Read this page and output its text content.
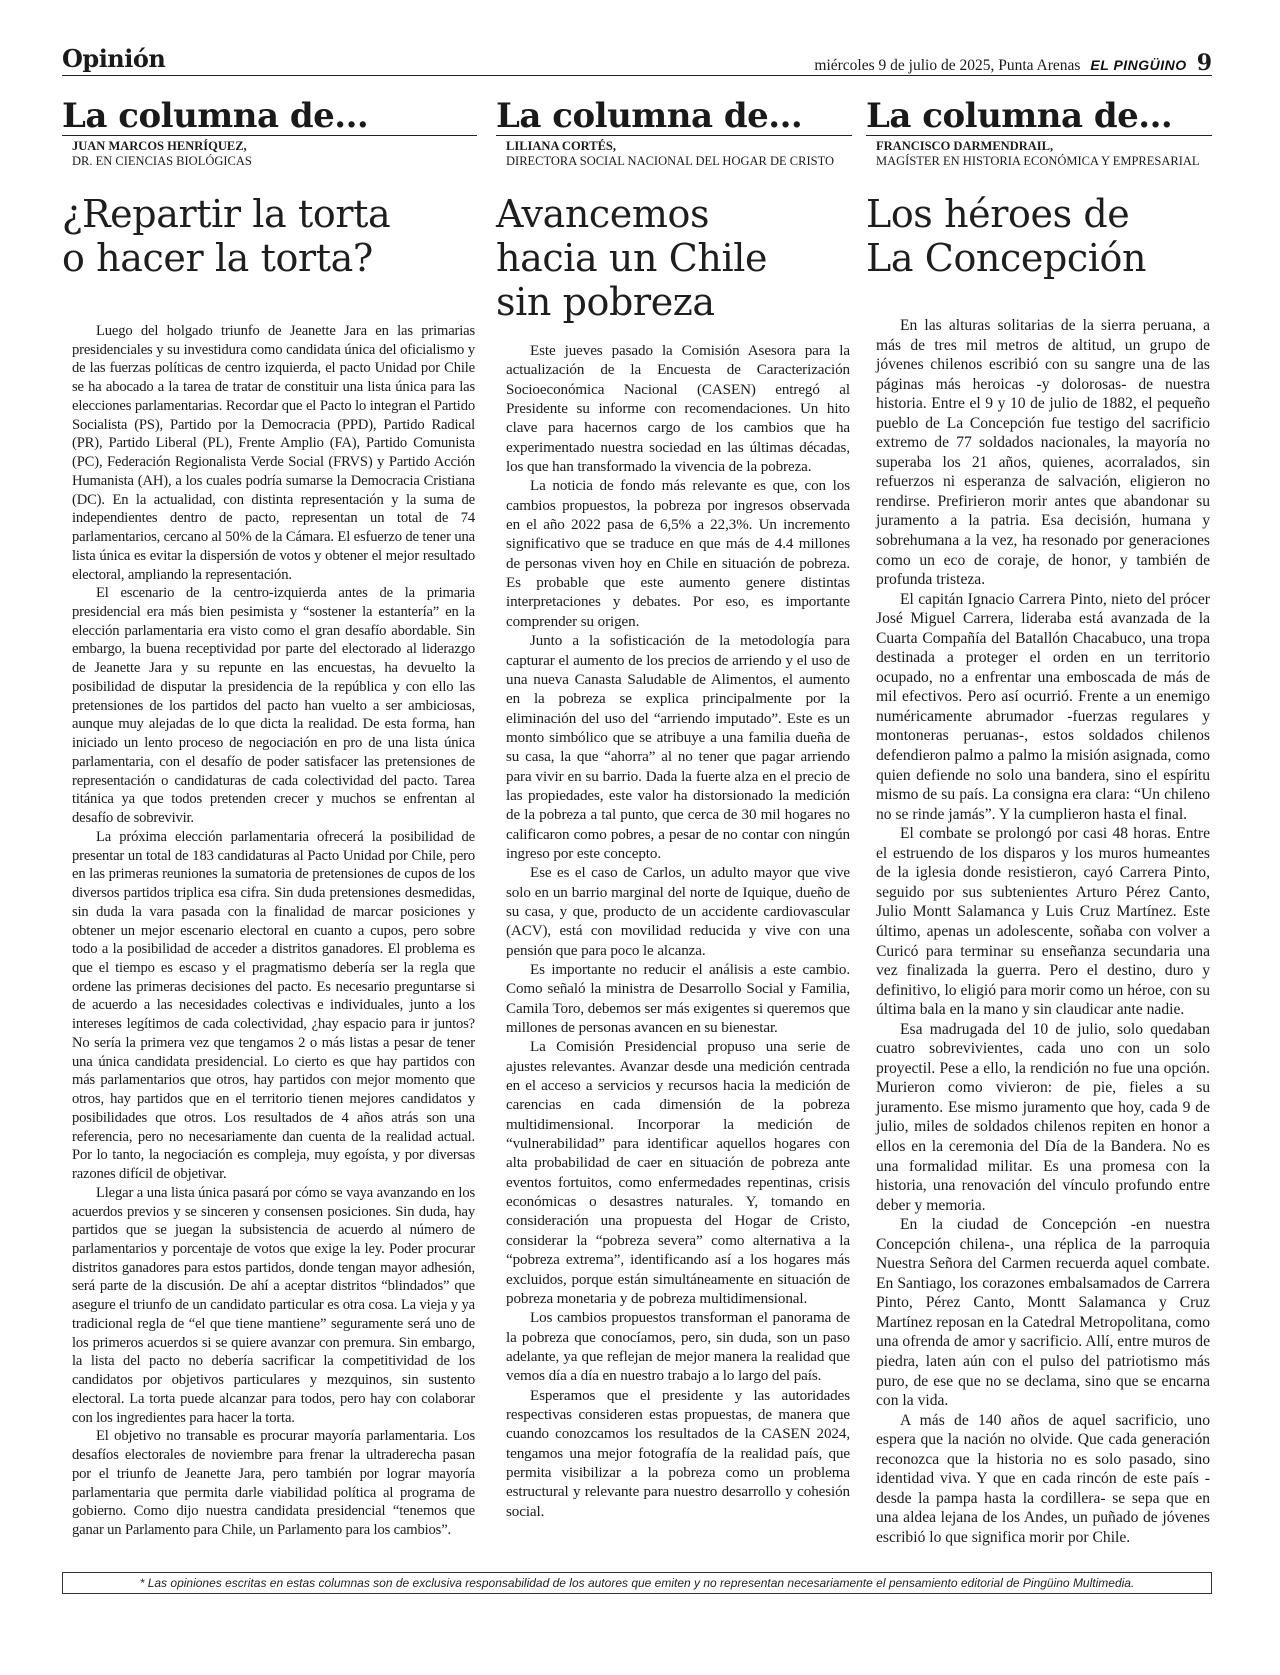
Opinión	miércoles 9 de julio de 2025, Punta Arenas EL PINGÜINO 9
La columna de...
JUAN MARCOS HENRÍQUEZ,
DR. EN CIENCIAS BIOLÓGICAS
¿Repartir la torta
o hacer la torta?

Luego del holgado triunfo de Jeanette Jara en las primarias presidenciales y su investidura como candidata única del oficialismo y de las fuerzas políticas de centro izquierda, el pacto Unidad por Chile se ha abocado a la tarea de tratar de constituir una lista única para las elecciones parlamentarias. Recordar que el Pacto lo integran el Partido Socialista (PS), Partido por la Democracia (PPD), Partido Radical (PR), Partido Liberal (PL), Frente Amplio (FA), Partido Comunista (PC), Federación Regionalista Verde Social (FRVS) y Partido Acción Humanista (AH), a los cuales podría sumarse la Democracia Cristiana (DC). En la actualidad, con distinta representación y la suma de independientes dentro de pacto, representan un total de 74 parlamentarios, cercano al 50% de la Cámara. El esfuerzo de tener una lista única es evitar la dispersión de votos y obtener el mejor resultado electoral, ampliando la representación.

El escenario de la centro-izquierda antes de la primaria presidencial era más bien pesimista y “sostener la estantería” en la elección parlamentaria era visto como el gran desafío abordable. Sin embargo, la buena receptividad por parte del electorado al liderazgo de Jeanette Jara y su repunte en las encuestas, ha devuelto la posibilidad de disputar la presidencia de la república y con ello las pretensiones de los partidos del pacto han vuelto a ser ambiciosas, aunque muy alejadas de lo que dicta la realidad. De esta forma, han iniciado un lento proceso de negociación en pro de una lista única parlamentaria, con el desafío de poder satisfacer las pretensiones de representación o candidaturas de cada colectividad del pacto. Tarea titánica ya que todos pretenden crecer y muchos se enfrentan al desafío de sobrevivir.

La próxima elección parlamentaria ofrecerá la posibilidad de presentar un total de 183 candidaturas al Pacto Unidad por Chile, pero en las primeras reuniones la sumatoria de pretensiones de cupos de los diversos partidos triplica esa cifra. Sin duda pretensiones desmedidas, sin duda la vara pasada con la finalidad de marcar posiciones y obtener un mejor escenario electoral en cuanto a cupos, pero sobre todo a la posibilidad de acceder a distritos ganadores. El problema es que el tiempo es escaso y el pragmatismo debería ser la regla que ordene las primeras decisiones del pacto. Es necesario preguntarse si de acuerdo a las necesidades colectivas e individuales, junto a los intereses legítimos de cada colectividad, ¿hay espacio para ir juntos? No sería la primera vez que tengamos 2 o más listas a pesar de tener una única candidata presidencial. Lo cierto es que hay partidos con más parlamentarios que otros, hay partidos con mejor momento que otros, hay partidos que en el territorio tienen mejores candidatos y posibilidades que otros. Los resultados de 4 años atrás son una referencia, pero no necesariamente dan cuenta de la realidad actual. Por lo tanto, la negociación es compleja, muy egoísta, y por diversas razones difícil de objetivar.

Llegar a una lista única pasará por cómo se vaya avanzando en los acuerdos previos y se sinceren y consensen posiciones. Sin duda, hay partidos que se juegan la subsistencia de acuerdo al número de parlamentarios y porcentaje de votos que exige la ley. Poder procurar distritos ganadores para estos partidos, donde tengan mayor adhesión, será parte de la discusión. De ahí a aceptar distritos “blindados” que asegure el triunfo de un candidato particular es otra cosa. La vieja y ya tradicional regla de “el que tiene mantiene” seguramente será uno de los primeros acuerdos si se quiere avanzar con premura. Sin embargo, la lista del pacto no debería sacrificar la competitividad de los candidatos por objetivos particulares y mezquinos, sin sustento electoral. La torta puede alcanzar para todos, pero hay con colaborar con los ingredientes para hacer la torta.

El objetivo no transable es procurar mayoría parlamentaria. Los desafíos electorales de noviembre para frenar la ultraderecha pasan por el triunfo de Jeanette Jara, pero también por lograr mayoría parlamentaria que permita darle viabilidad política al programa de gobierno. Como dijo nuestra candidata presidencial “tenemos que ganar un Parlamento para Chile, un Parlamento para los cambios”.

La columna de...
LILIANA CORTÉS,
DIRECTORA SOCIAL NACIONAL DEL HOGAR DE CRISTO
Avancemos
hacia un Chile
sin pobreza

Este jueves pasado la Comisión Asesora para la actualización de la Encuesta de Caracterización Socioeconómica Nacional (CASEN) entregó al Presidente su informe con recomendaciones. Un hito clave para hacernos cargo de los cambios que ha experimentado nuestra sociedad en las últimas décadas, los que han transformado la vivencia de la pobreza.

La noticia de fondo más relevante es que, con los cambios propuestos, la pobreza por ingresos observada en el año 2022 pasa de 6,5% a 22,3%. Un incremento significativo que se traduce en que más de 4.4 millones de personas viven hoy en Chile en situación de pobreza. Es probable que este aumento genere distintas interpretaciones y debates. Por eso, es importante comprender su origen.

Junto a la sofisticación de la metodología para capturar el aumento de los precios de arriendo y el uso de una nueva Canasta Saludable de Alimentos, el aumento en la pobreza se explica principalmente por la eliminación del uso del “arriendo imputado”. Este es un monto simbólico que se atribuye a una familia dueña de su casa, la que “ahorra” al no tener que pagar arriendo para vivir en su barrio. Dada la fuerte alza en el precio de las propiedades, este valor ha distorsionado la medición de la pobreza a tal punto, que cerca de 30 mil hogares no calificaron como pobres, a pesar de no contar con ningún ingreso por este concepto.

Ese es el caso de Carlos, un adulto mayor que vive solo en un barrio marginal del norte de Iquique, dueño de su casa, y que, producto de un accidente cardiovascular (ACV), está con movilidad reducida y vive con una pensión que para poco le alcanza.

Es importante no reducir el análisis a este cambio. Como señaló la ministra de Desarrollo Social y Familia, Camila Toro, debemos ser más exigentes si queremos que millones de personas avancen en su bienestar.

La Comisión Presidencial propuso una serie de ajustes relevantes. Avanzar desde una medición centrada en el acceso a servicios y recursos hacia la medición de carencias en cada dimensión de la pobreza multidimensional. Incorporar la medición de “vulnerabilidad” para identificar aquellos hogares con alta probabilidad de caer en situación de pobreza ante eventos fortuitos, como enfermedades repentinas, crisis económicas o desastres naturales. Y, tomando en consideración una propuesta del Hogar de Cristo, considerar la “pobreza severa” como alternativa a la “pobreza extrema”, identificando así a los hogares más excluidos, porque están simultáneamente en situación de pobreza monetaria y de pobreza multidimensional.

Los cambios propuestos transforman el panorama de la pobreza que conocíamos, pero, sin duda, son un paso adelante, ya que reflejan de mejor manera la realidad que vemos día a día en nuestro trabajo a lo largo del país.

Esperamos que el presidente y las autoridades respectivas consideren estas propuestas, de manera que cuando conozcamos los resultados de la CASEN 2024, tengamos una mejor fotografía de la realidad país, que permita visibilizar a la pobreza como un problema estructural y relevante para nuestro desarrollo y cohesión social.

La columna de...
FRANCISCO DARMENDRAIL,
MAGÍSTER EN HISTORIA ECONÓMICA Y EMPRESARIAL
Los héroes de
La Concepción

En las alturas solitarias de la sierra peruana, a más de tres mil metros de altitud, un grupo de jóvenes chilenos escribió con su sangre una de las páginas más heroicas -y dolorosas- de nuestra historia. Entre el 9 y 10 de julio de 1882, el pequeño pueblo de La Concepción fue testigo del sacrificio extremo de 77 soldados nacionales, la mayoría no superaba los 21 años, quienes, acorralados, sin refuerzos ni esperanza de salvación, eligieron no rendirse. Prefirieron morir antes que abandonar su juramento a la patria. Esa decisión, humana y sobrehumana a la vez, ha resonado por generaciones como un eco de coraje, de honor, y también de profunda tristeza.

El capitán Ignacio Carrera Pinto, nieto del prócer José Miguel Carrera, lideraba está avanzada de la Cuarta Compañía del Batallón Chacabuco, una tropa destinada a proteger el orden en un territorio ocupado, no a enfrentar una emboscada de más de mil efectivos. Pero así ocurrió. Frente a un enemigo numéricamente abrumador -fuerzas regulares y montoneras peruanas-, estos soldados chilenos defendieron palmo a palmo la misión asignada, como quien defiende no solo una bandera, sino el espíritu mismo de su país. La consigna era clara: “Un chileno no se rinde jamás”. Y la cumplieron hasta el final.

El combate se prolongó por casi 48 horas. Entre el estruendo de los disparos y los muros humeantes de la iglesia donde resistieron, cayó Carrera Pinto, seguido por sus subtenientes Arturo Pérez Canto, Julio Montt Salamanca y Luis Cruz Martínez. Este último, apenas un adolescente, soñaba con volver a Curicó para terminar su enseñanza secundaria una vez finalizada la guerra. Pero el destino, duro y definitivo, lo eligió para morir como un héroe, con su última bala en la mano y sin claudicar ante nadie.

Esa madrugada del 10 de julio, solo quedaban cuatro sobrevivientes, cada uno con un solo proyectil. Pese a ello, la rendición no fue una opción. Murieron como vivieron: de pie, fieles a su juramento. Ese mismo juramento que hoy, cada 9 de julio, miles de soldados chilenos repiten en honor a ellos en la ceremonia del Día de la Bandera. No es una formalidad militar. Es una promesa con la historia, una renovación del vínculo profundo entre deber y memoria.

En la ciudad de Concepción -en nuestra Concepción chilena-, una réplica de la parroquia Nuestra Señora del Carmen recuerda aquel combate. En Santiago, los corazones embalsamados de Carrera Pinto, Pérez Canto, Montt Salamanca y Cruz Martínez reposan en la Catedral Metropolitana, como una ofrenda de amor y sacrificio. Allí, entre muros de piedra, laten aún con el pulso del patriotismo más puro, de ese que no se declama, sino que se encarna con la vida.

A más de 140 años de aquel sacrificio, uno espera que la nación no olvide. Que cada generación reconozca que la historia no es solo pasado, sino identidad viva. Y que en cada rincón de este país -desde la pampa hasta la cordillera- se sepa que en una aldea lejana de los Andes, un puñado de jóvenes escribió lo que significa morir por Chile.

* Las opiniones escritas en estas columnas son de exclusiva responsabilidad de los autores que emiten y no representan necesariamente el pensamiento editorial de Pingüino Multimedia.
